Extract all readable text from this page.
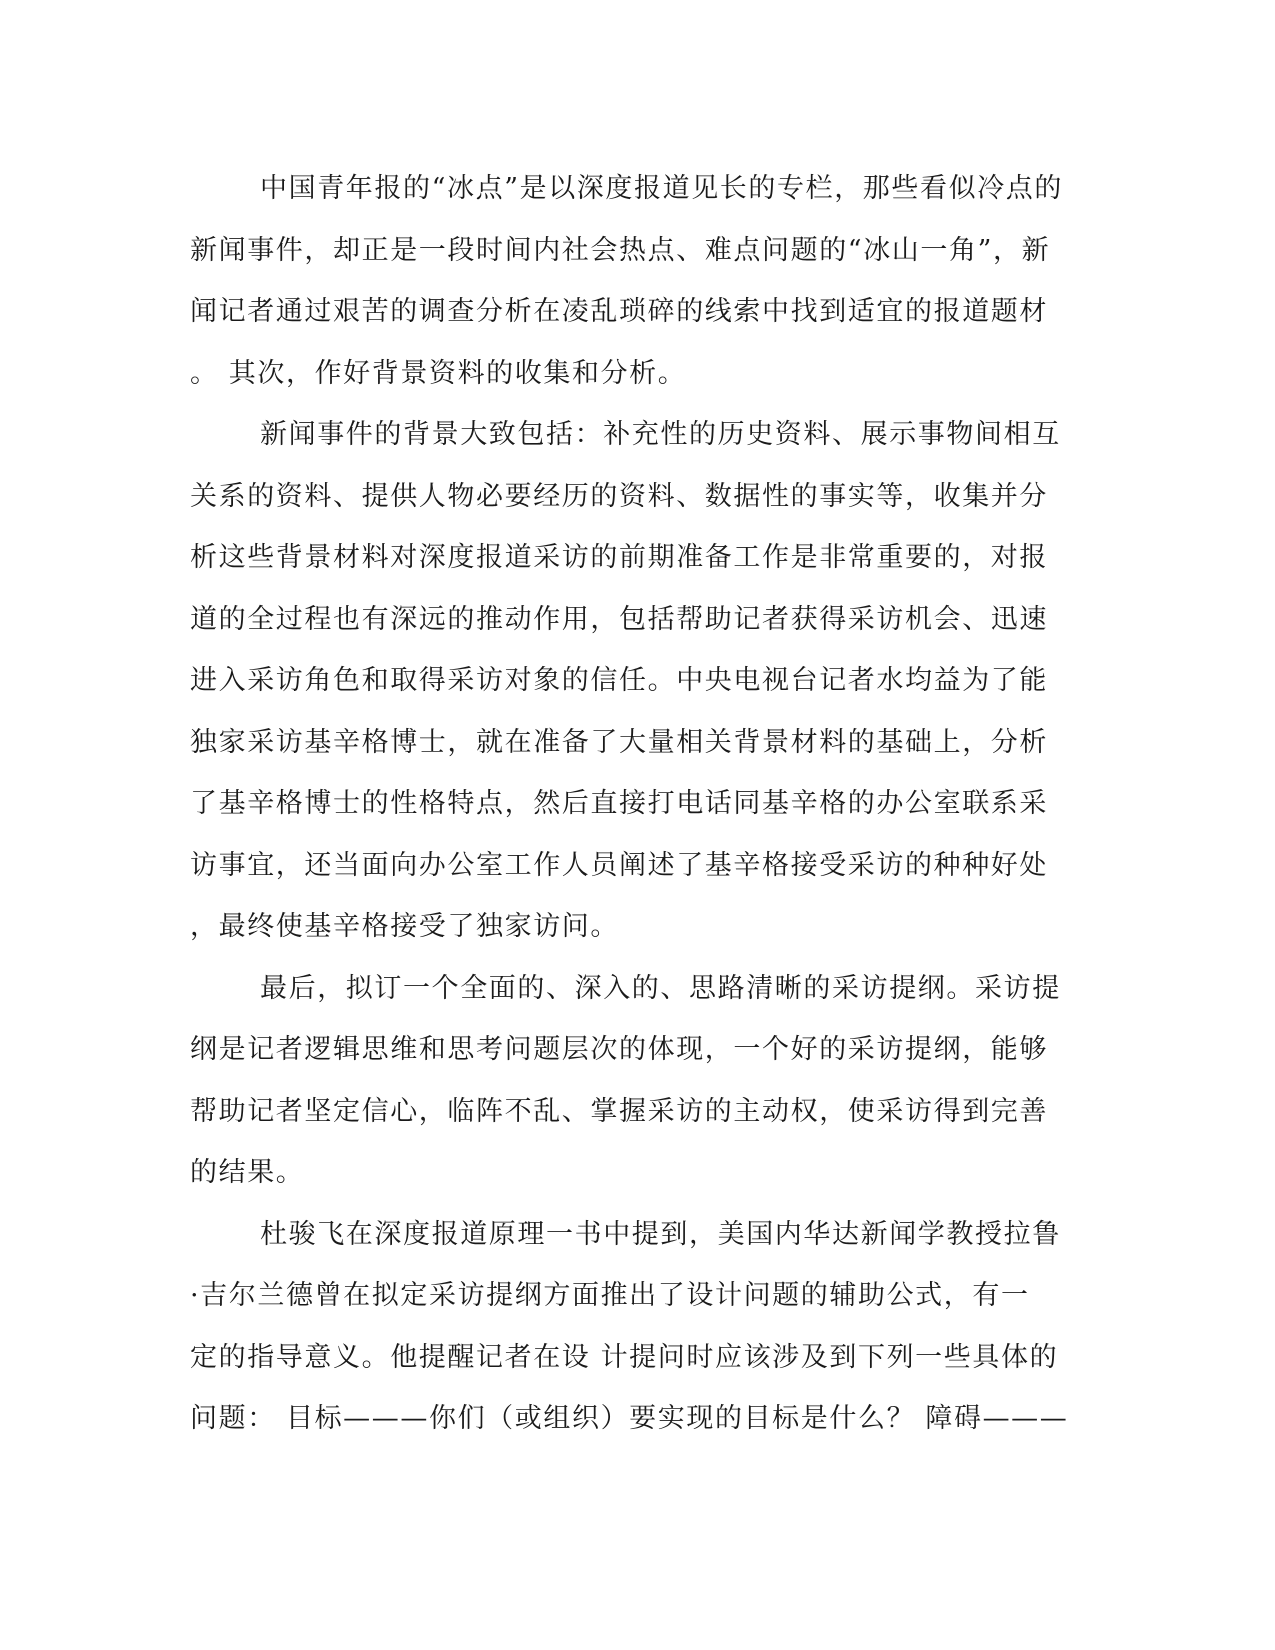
中国青年报的“冰点”是以深度报道见长的专栏，那些看似冷点的
新闻事件，却正是一段时间内社会热点、难点问题的“冰山一角”，新
闻记者通过艰苦的调查分析在凌乱琐碎的线索中找到适宜的报道题材
。 其次，作好背景资料的收集和分析。

新闻事件的背景大致包括：补充性的历史资料、展示事物间相互
关系的资料、提供人物必要经历的资料、数据性的事实等，收集并分
析这些背景材料对深度报道采访的前期准备工作是非常重要的，对报
道的全过程也有深远的推动作用，包括帮助记者获得采访机会、迅速
进入采访角色和取得采访对象的信任。中央电视台记者水均益为了能
独家采访基辛格博士，就在准备了大量相关背景材料的基础上，分析
了基辛格博士的性格特点，然后直接打电话同基辛格的办公室联系采
访事宜，还当面向办公室工作人员阐述了基辛格接受采访的种种好处
，最终使基辛格接受了独家访问。

最后，拟订一个全面的、深入的、思路清晰的采访提纲。采访提
纲是记者逻辑思维和思考问题层次的体现，一个好的采访提纲，能够
帮助记者坚定信心，临阵不乱、掌握采访的主动权，使采访得到完善
的结果。

杜骏飞在深度报道原理一书中提到，美国内华达新闻学教授拉鲁
·吉尔兰德曾在拟定采访提纲方面推出了设计问题的辅助公式，有一
定的指导意义。他提醒记者在设 计提问时应该涉及到下列一些具体的
问题： 目标———你们（或组织）要实现的目标是什么？ 障碍———
